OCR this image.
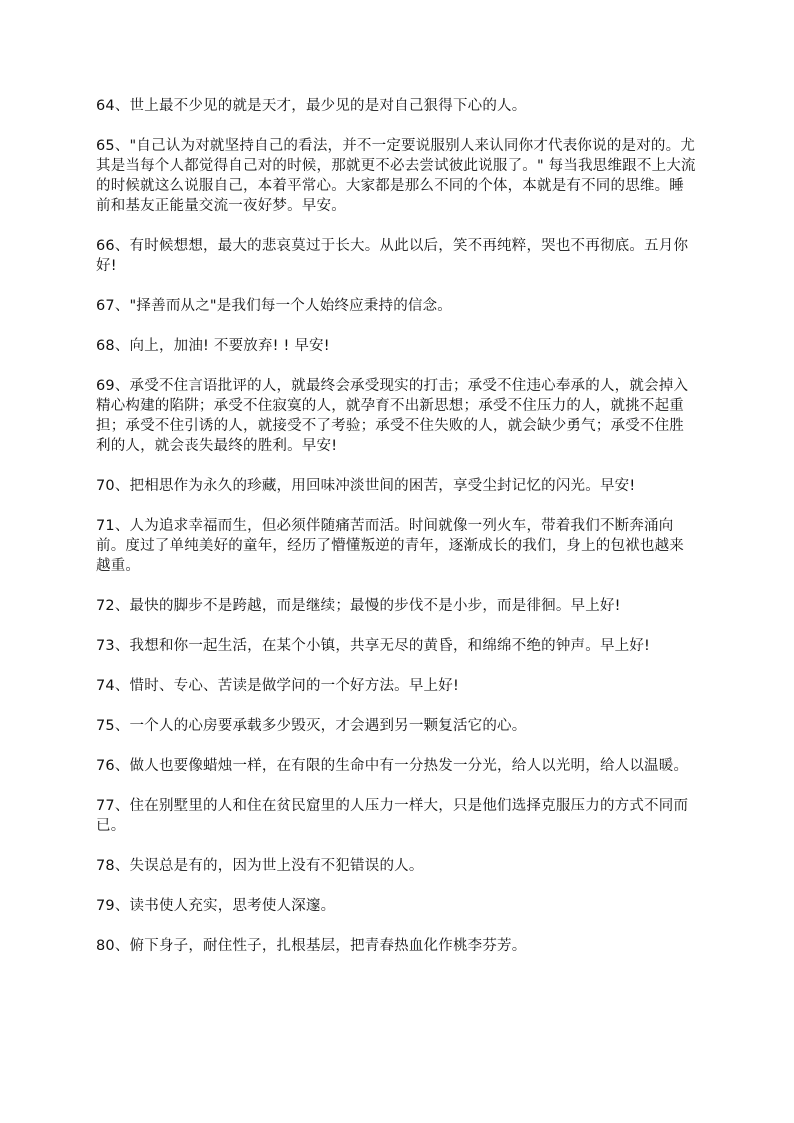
64、世上最不少见的就是天才，最少见的是对自己狠得下心的人。

65、"自己认为对就坚持自己的看法，并不一定要说服别人来认同你才代表你说的是对的。尤其是当每个人都觉得自己对的时候，那就更不必去尝试彼此说服了。" 每当我思维跟不上大流的时候就这么说服自己，本着平常心。大家都是那么不同的个体，本就是有不同的思维。睡前和基友正能量交流一夜好梦。早安。

66、有时候想想，最大的悲哀莫过于长大。从此以后，笑不再纯粹，哭也不再彻底。五月你好!

67、"择善而从之"是我们每一个人始终应秉持的信念。

68、向上，加油! 不要放弃! ! 早安!

69、承受不住言语批评的人，就最终会承受现实的打击；承受不住违心奉承的人，就会掉入精心构建的陷阱；承受不住寂寞的人，就孕育不出新思想；承受不住压力的人，就挑不起重担；承受不住引诱的人，就接受不了考验；承受不住失败的人，就会缺少勇气；承受不住胜利的人，就会丧失最终的胜利。早安!

70、把相思作为永久的珍藏，用回味冲淡世间的困苦，享受尘封记忆的闪光。早安!

71、人为追求幸福而生，但必须伴随痛苦而活。时间就像一列火车，带着我们不断奔涌向前。度过了单纯美好的童年，经历了懵懂叛逆的青年，逐渐成长的我们，身上的包袱也越来越重。

72、最快的脚步不是跨越，而是继续；最慢的步伐不是小步，而是徘徊。早上好!

73、我想和你一起生活，在某个小镇，共享无尽的黄昏，和绵绵不绝的钟声。早上好!

74、惜时、专心、苦读是做学问的一个好方法。早上好!

75、一个人的心房要承载多少毁灭，才会遇到另一颗复活它的心。

76、做人也要像蜡烛一样，在有限的生命中有一分热发一分光，给人以光明，给人以温暖。

77、住在别墅里的人和住在贫民窟里的人压力一样大，只是他们选择克服压力的方式不同而已。

78、失误总是有的，因为世上没有不犯错误的人。

79、读书使人充实，思考使人深邃。

80、俯下身子，耐住性子，扎根基层，把青春热血化作桃李芬芳。
